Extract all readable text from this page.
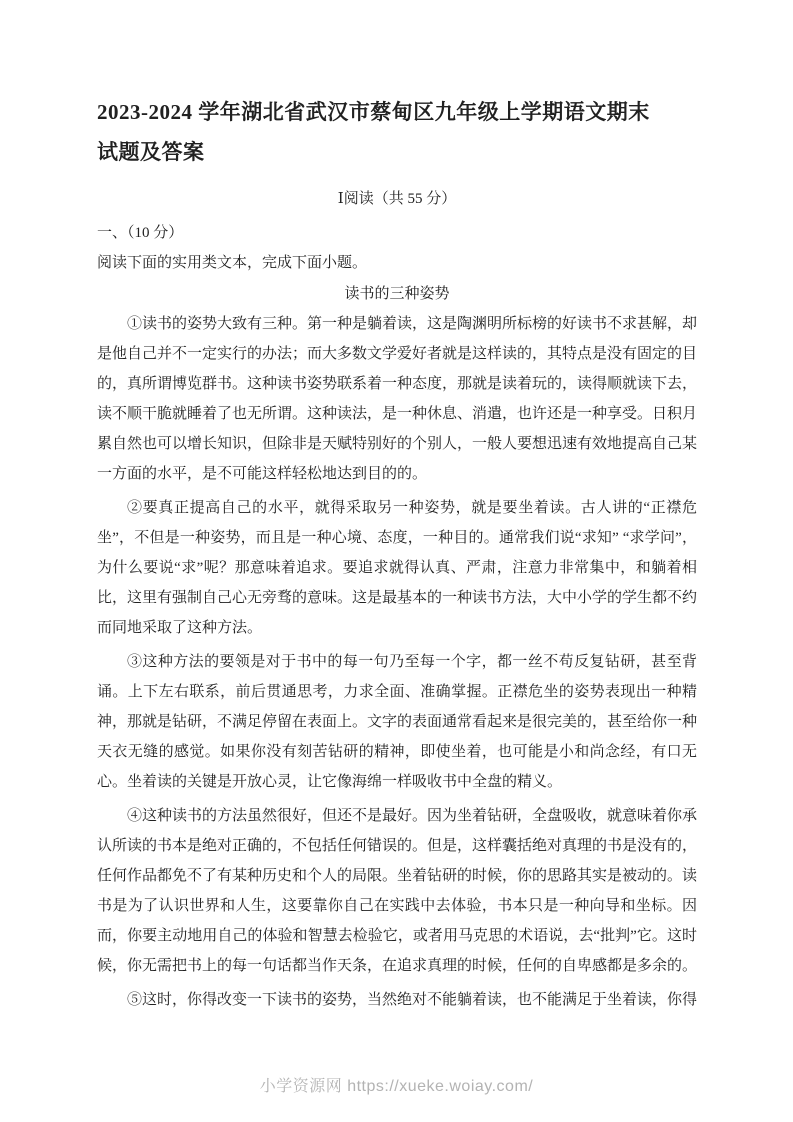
2023-2024 学年湖北省武汉市蔡甸区九年级上学期语文期末试题及答案
Ⅰ阅读（共 55 分）
一、（10 分）
阅读下面的实用类文本，完成下面小题。
读书的三种姿势

①读书的姿势大致有三种。第一种是躺着读，这是陶渊明所标榜的好读书不求甚解，却是他自己并不一定实行的办法；而大多数文学爱好者就是这样读的，其特点是没有固定的目的，真所谓博览群书。这种读书姿势联系着一种态度，那就是读着玩的，读得顺就读下去，读不顺干脆就睡着了也无所谓。这种读法，是一种休息、消遣，也许还是一种享受。日积月累自然也可以增长知识，但除非是天赋特别好的个别人，一般人要想迅速有效地提高自己某一方面的水平，是不可能这样轻松地达到目的的。

②要真正提高自己的水平，就得采取另一种姿势，就是要坐着读。古人讲的“正襟危坐”，不但是一种姿势，而且是一种心境、态度，一种目的。通常我们说“求知” “求学问”，为什么要说“求”呢？那意味着追求。要追求就得认真、严肃，注意力非常集中，和躺着相比，这里有强制自己心无旁骛的意味。这是最基本的一种读书方法，大中小学的学生都不约而同地采取了这种方法。

③这种方法的要领是对于书中的每一句乃至每一个字，都一丝不苟反复钻研，甚至背诵。上下左右联系，前后贯通思考，力求全面、准确掌握。正襟危坐的姿势表现出一种精神，那就是钻研，不满足停留在表面上。文字的表面通常看起来是很完美的，甚至给你一种天衣无缝的感觉。如果你没有刻苦钻研的精神，即使坐着，也可能是小和尚念经，有口无心。坐着读的关键是开放心灵，让它像海绵一样吸收书中全盘的精义。

④这种读书的方法虽然很好，但还不是最好。因为坐着钻研，全盘吸收，就意味着你承认所读的书本是绝对正确的，不包括任何错误的。但是，这样囊括绝对真理的书是没有的，任何作品都免不了有某种历史和个人的局限。坐着钻研的时候，你的思路其实是被动的。读书是为了认识世界和人生，这要靠你自己在实践中去体验，书本只是一种向导和坐标。因而，你要主动地用自己的体验和智慧去检验它，或者用马克思的术语说，去“批判”它。这时候，你无需把书上的每一句话都当作天条，在追求真理的时候，任何的自卑感都是多余的。

⑤这时，你得改变一下读书的姿势，当然绝对不能躺着读，也不能满足于坐着读，你得

小学资源网 https://xueke.woiay.com/
